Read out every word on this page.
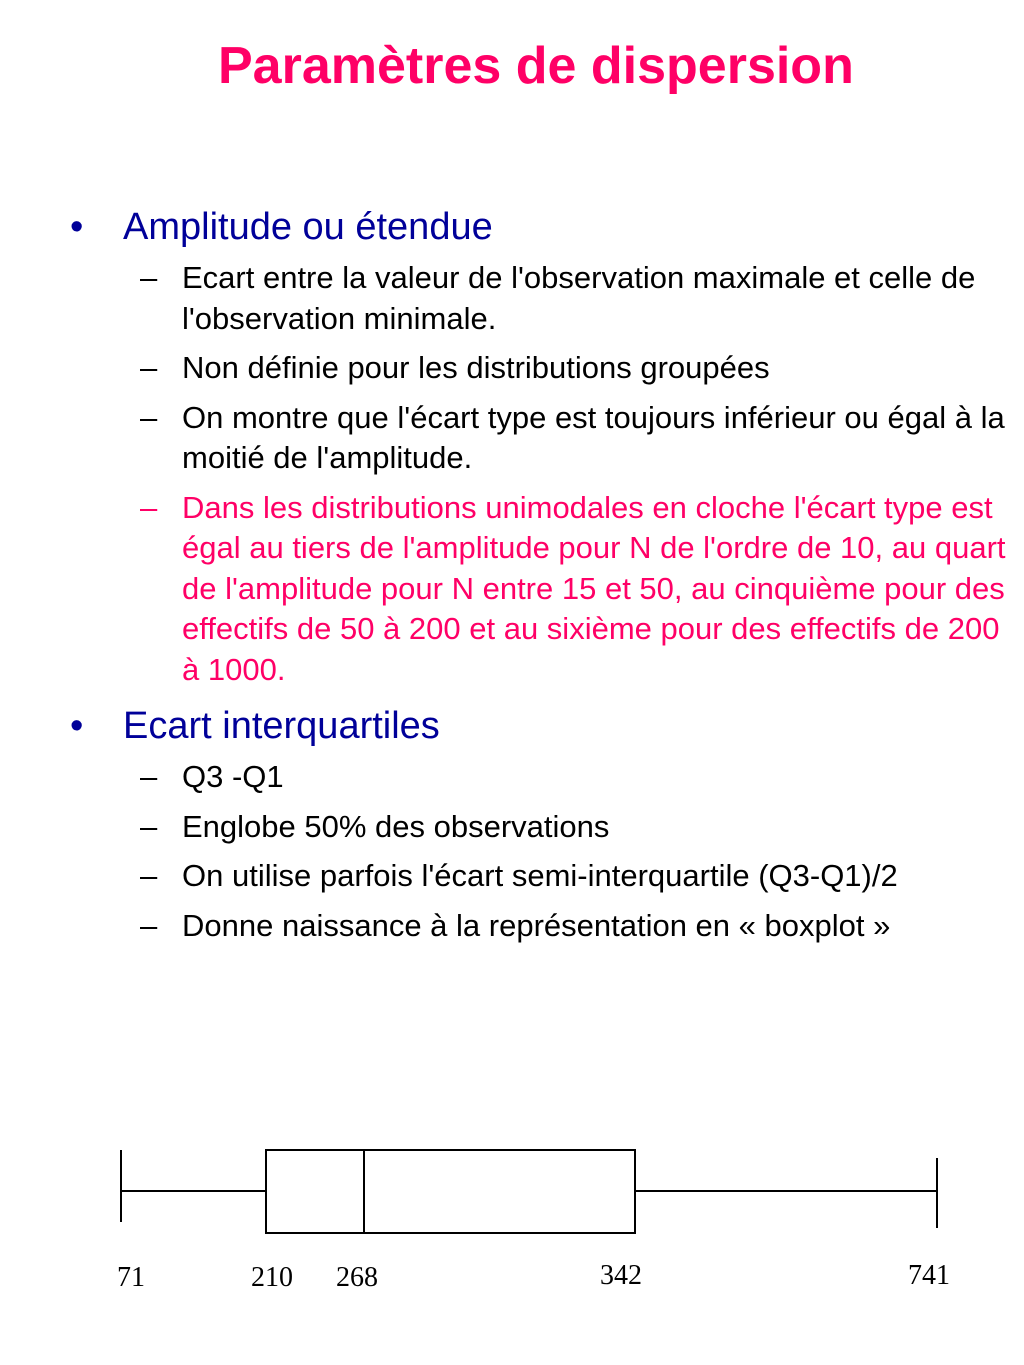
Paramètres de dispersion
• Amplitude ou étendue
– Ecart entre la valeur de l'observation maximale et celle de l'observation minimale.
– Non définie pour les distributions groupées
– On montre que l'écart type est toujours inférieur ou égal à la moitié de l'amplitude.
– Dans les distributions unimodales en cloche l'écart type est égal au tiers de l'amplitude pour N de l'ordre de 10, au quart de l'amplitude pour N entre 15 et 50, au cinquième pour des effectifs de 50 à 200 et au sixième pour des effectifs de 200 à 1000.
• Ecart interquartiles
– Q3 -Q1
– Englobe 50% des observations
– On utilise parfois l'écart semi-interquartile (Q3-Q1)/2
– Donne naissance à la représentation en « boxplot »
71	210 268	342	741
